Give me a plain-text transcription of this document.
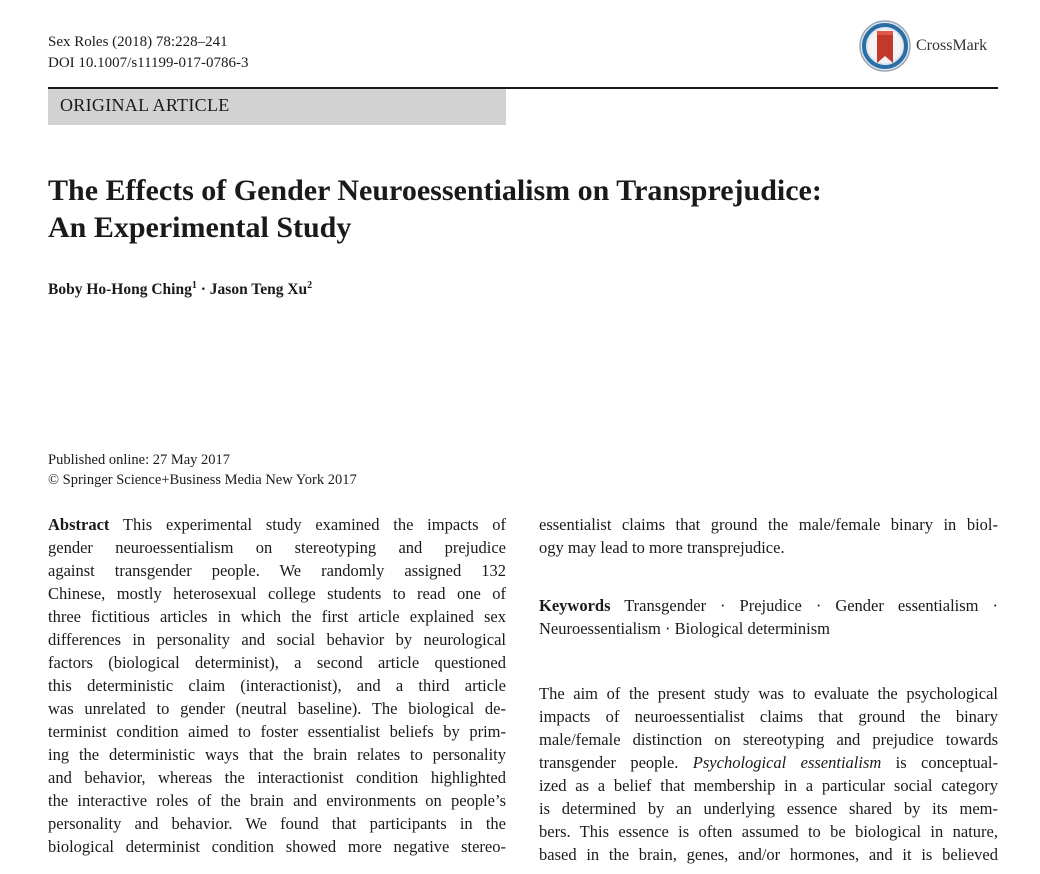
Sex Roles (2018) 78:228–241
DOI 10.1007/s11199-017-0786-3
CrossMark
ORIGINAL ARTICLE
The Effects of Gender Neuroessentialism on Transprejudice:
An Experimental Study
Boby Ho-Hong Ching$^1$ · Jason Teng Xu$^2$
Published online: 27 May 2017
© Springer Science+Business Media New York 2017
Abstract This experimental study examined the impacts of
gender neuroessentialism on stereotyping and prejudice
against transgender people. We randomly assigned 132
Chinese, mostly heterosexual college students to read one of
three fictitious articles in which the first article explained sex
differences in personality and social behavior by neurological
factors (biological determinist), a second article questioned
this deterministic claim (interactionist), and a third article
was unrelated to gender (neutral baseline). The biological de-
terminist condition aimed to foster essentialist beliefs by prim-
ing the deterministic ways that the brain relates to personality
and behavior, whereas the interactionist condition highlighted
the interactive roles of the brain and environments on people’s
personality and behavior. We found that participants in the
biological determinist condition showed more negative stereo-
essentialist claims that ground the male/female binary in biol-
ogy may lead to more transprejudice.
Keywords Transgender · Prejudice · Gender essentialism ·
Neuroessentialism · Biological determinism
The aim of the present study was to evaluate the psychological
impacts of neuroessentialist claims that ground the binary
male/female distinction on stereotyping and prejudice towards
transgender people. Psychological essentialism is conceptual-
ized as a belief that membership in a particular social category
is determined by an underlying essence shared by its mem-
bers. This essence is often assumed to be biological in nature,
based in the brain, genes, and/or hormones, and it is believed
